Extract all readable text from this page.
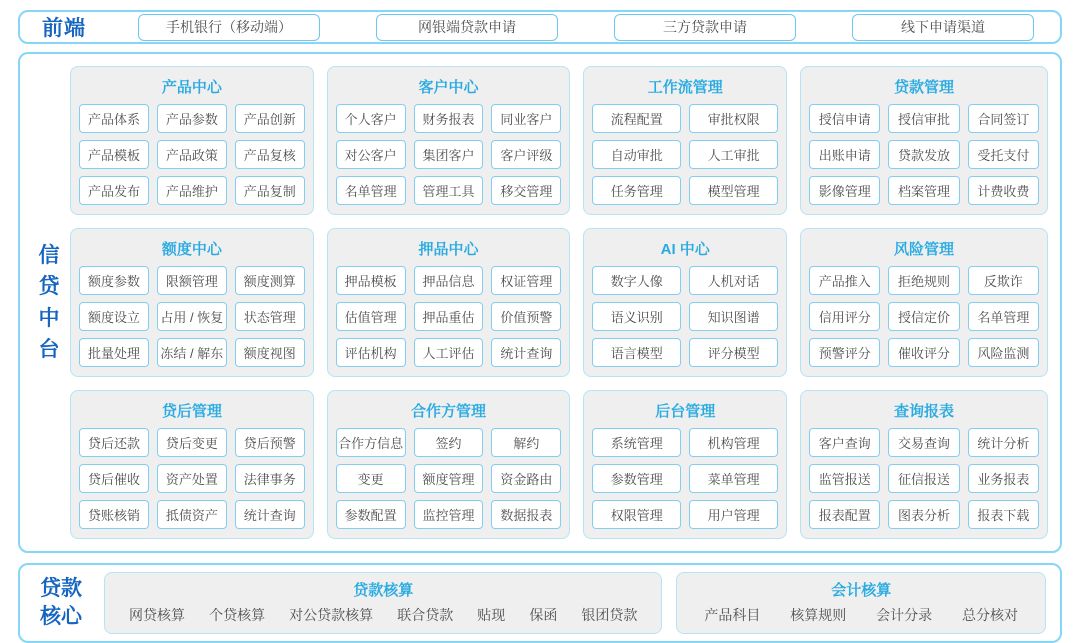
前端	手机银行（移动端）	网银端贷款申请	三方贷款申请	线下申请渠道
信
贷
中
台
产品中心
产品体系	产品参数	产品创新
产品模板	产品政策	产品复核
产品发布	产品维护	产品复制
客户中心
个人客户	财务报表	同业客户
对公客户	集团客户	客户评级
名单管理	管理工具	移交管理
工作流管理
流程配置	审批权限
自动审批	人工审批
任务管理	模型管理
贷款管理
授信申请	授信审批	合同签订
出账申请	贷款发放	受托支付
影像管理	档案管理	计费收费
额度中心
额度参数	限额管理	额度测算
额度设立	占用 / 恢复	状态管理
批量处理	冻结 / 解东	额度视图
押品中心
押品模板	押品信息	权证管理
估值管理	押品重估	价值预警
评估机构	人工评估	统计查询
AI 中心
数字人像	人机对话
语义识别	知识图谱
语言模型	评分模型
风险管理
产品推入	拒绝规则	反欺诈
信用评分	授信定价	名单管理
预警评分	催收评分	风险监测
贷后管理
贷后还款	贷后变更	贷后预警
贷后催收	资产处置	法律事务
贷账核销	抵债资产	统计查询
合作方管理
合作方信息	签约	解约
变更	额度管理	资金路由
参数配置	监控管理	数据报表
后台管理
系统管理	机构管理
参数管理	菜单管理
权限管理	用户管理
查询报表
客户查询	交易查询	统计分析
监管报送	征信报送	业务报表
报表配置	图表分析	报表下载
贷款
核心
贷款核算
网贷核算 个贷核算 对公贷款核算 联合贷款 贴现 保函 银团贷款
会计核算
产品科目 核算规则 会计分录 总分核对
